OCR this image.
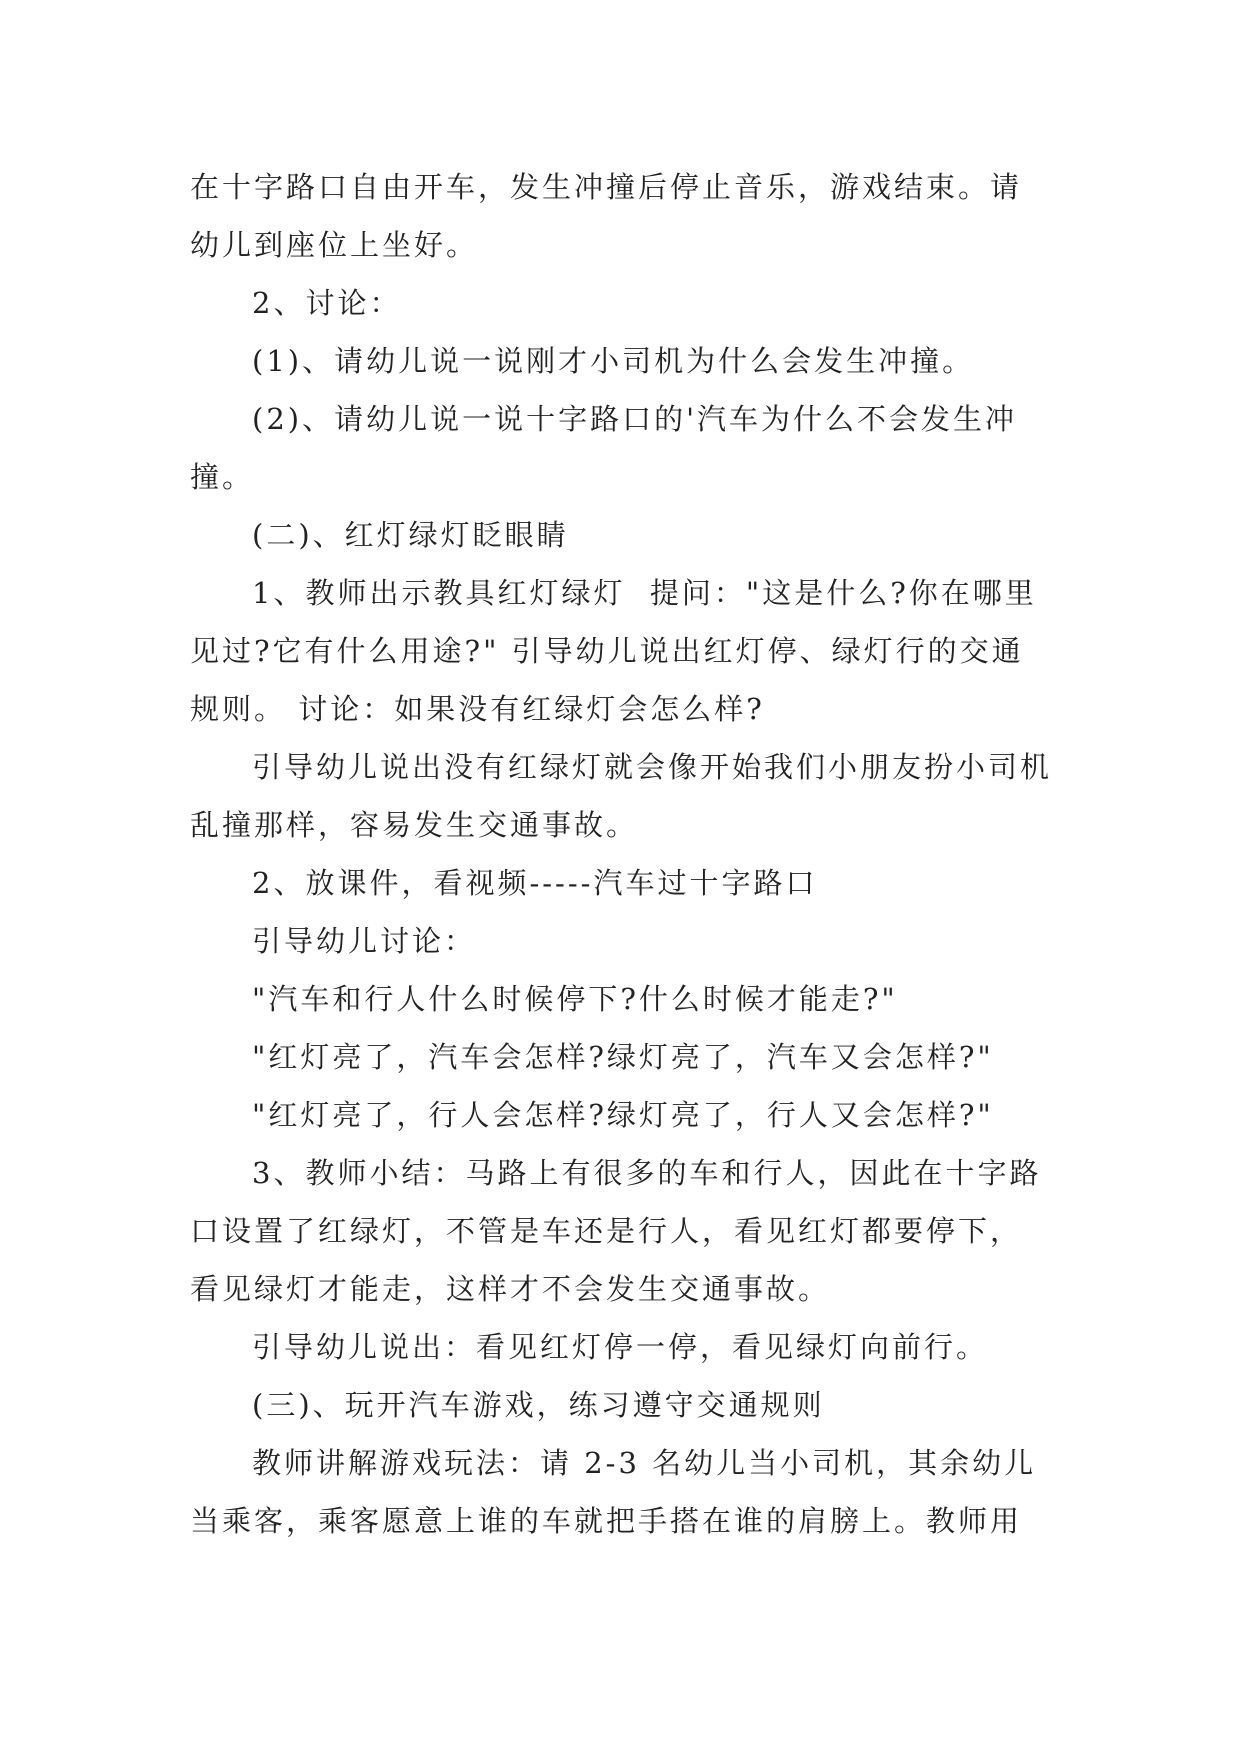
在十字路口自由开车，发生冲撞后停止音乐，游戏结束。请幼儿到座位上坐好。

2、讨论：

(1)、请幼儿说一说刚才小司机为什么会发生冲撞。

(2)、请幼儿说一说十字路口的'汽车为什么不会发生冲撞。

(二)、红灯绿灯眨眼睛

1、教师出示教具红灯绿灯  提问："这是什么?你在哪里见过?它有什么用途?" 引导幼儿说出红灯停、绿灯行的交通规则。 讨论：如果没有红绿灯会怎么样?

引导幼儿说出没有红绿灯就会像开始我们小朋友扮小司机乱撞那样，容易发生交通事故。

2、放课件，看视频-----汽车过十字路口

引导幼儿讨论：

"汽车和行人什么时候停下?什么时候才能走?"

"红灯亮了，汽车会怎样?绿灯亮了，汽车又会怎样?"

"红灯亮了，行人会怎样?绿灯亮了，行人又会怎样?"

3、教师小结：马路上有很多的车和行人，因此在十字路口设置了红绿灯，不管是车还是行人，看见红灯都要停下，看见绿灯才能走，这样才不会发生交通事故。

引导幼儿说出：看见红灯停一停，看见绿灯向前行。

(三)、玩开汽车游戏，练习遵守交通规则

教师讲解游戏玩法：请 2-3 名幼儿当小司机，其余幼儿当乘客，乘客愿意上谁的车就把手搭在谁的肩膀上。教师用
